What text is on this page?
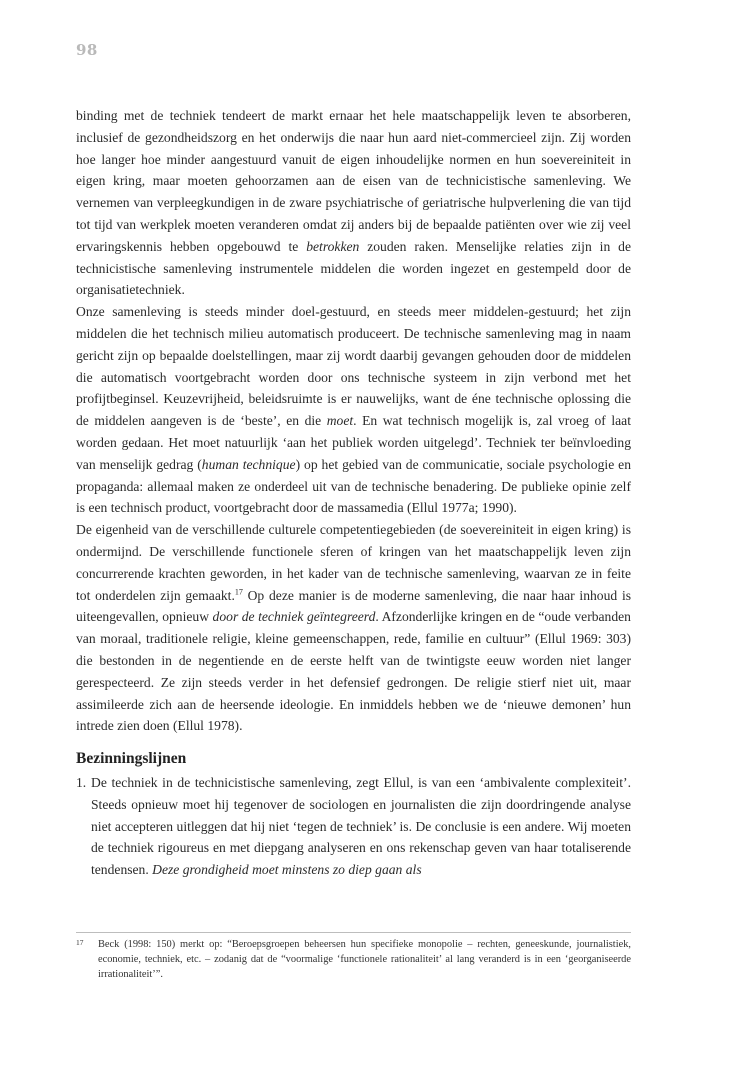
98

binding met de techniek tendeert de markt ernaar het hele maatschappelijk leven te absorberen, inclusief de gezondheidszorg en het onderwijs die naar hun aard niet-commercieel zijn. Zij worden hoe langer hoe minder aangestuurd vanuit de eigen inhoudelijke normen en hun soevereiniteit in eigen kring, maar moeten gehoorzamen aan de eisen van de technicistische samenleving. We vernemen van verpleegkundigen in de zware psychiatrische of geriatrische hulpverlening die van tijd tot tijd van werkplek moeten veranderen omdat zij anders bij de bepaalde patiënten over wie zij veel ervaringskennis hebben opgebouwd te betrokken zouden raken. Menselijke relaties zijn in de technicistische samenleving instrumentele middelen die worden ingezet en gestempeld door de organisatietechniek.

Onze samenleving is steeds minder doel-gestuurd, en steeds meer middelen-gestuurd; het zijn middelen die het technisch milieu automatisch produceert. De technische samenleving mag in naam gericht zijn op bepaalde doelstellingen, maar zij wordt daarbij gevangen gehouden door de middelen die automatisch voortgebracht worden door ons technische systeem in zijn verbond met het profijtbeginsel. Keuzevrijheid, beleidsruimte is er nauwelijks, want de éne technische oplossing die de middelen aangeven is de ‘beste’, en die moet. En wat technisch mogelijk is, zal vroeg of laat worden gedaan. Het moet natuurlijk ‘aan het publiek worden uitgelegd’. Techniek ter beïnvloeding van menselijk gedrag (human technique) op het gebied van de communicatie, sociale psychologie en propaganda: allemaal maken ze onderdeel uit van de technische benadering. De publieke opinie zelf is een technisch product, voortgebracht door de massamedia (Ellul 1977a; 1990).

De eigenheid van de verschillende culturele competentiegebieden (de soevereiniteit in eigen kring) is ondermijnd. De verschillende functionele sferen of kringen van het maatschappelijk leven zijn concurrerende krachten geworden, in het kader van de technische samenleving, waarvan ze in feite tot onderdelen zijn gemaakt.$^{17}$ Op deze manier is de moderne samenleving, die naar haar inhoud is uiteengevallen, opnieuw door de techniek geïntegreerd. Afzonderlijke kringen en de “oude verbanden van moraal, traditionele religie, kleine gemeenschappen, rede, familie en cultuur” (Ellul 1969: 303) die bestonden in de negentiende en de eerste helft van de twintigste eeuw worden niet langer gerespecteerd. Ze zijn steeds verder in het defensief gedrongen. De religie stierf niet uit, maar assimileerde zich aan de heersende ideologie. En inmiddels hebben we de ‘nieuwe demonen’ hun intrede zien doen (Ellul 1978).

Bezinningslijnen
1. De techniek in de technicistische samenleving, zegt Ellul, is van een ‘ambivalente complexiteit’. Steeds opnieuw moet hij tegenover de sociologen en journalisten die zijn doordringende analyse niet accepteren uitleggen dat hij niet ‘tegen de techniek’ is. De conclusie is een andere. Wij moeten de techniek rigoureus en met diepgang analyseren en ons rekenschap geven van haar totaliserende tendensen. Deze grondigheid moet minstens zo diep gaan als
17	Beck (1998: 150) merkt op: “Beroepsgroepen beheersen hun specifieke monopolie – rechten, geneeskunde, journalistiek, economie, techniek, etc. – zodanig dat de “voormalige ‘functionele rationaliteit’ al lang veranderd is in een ‘georganiseerde irrationaliteit’”.
